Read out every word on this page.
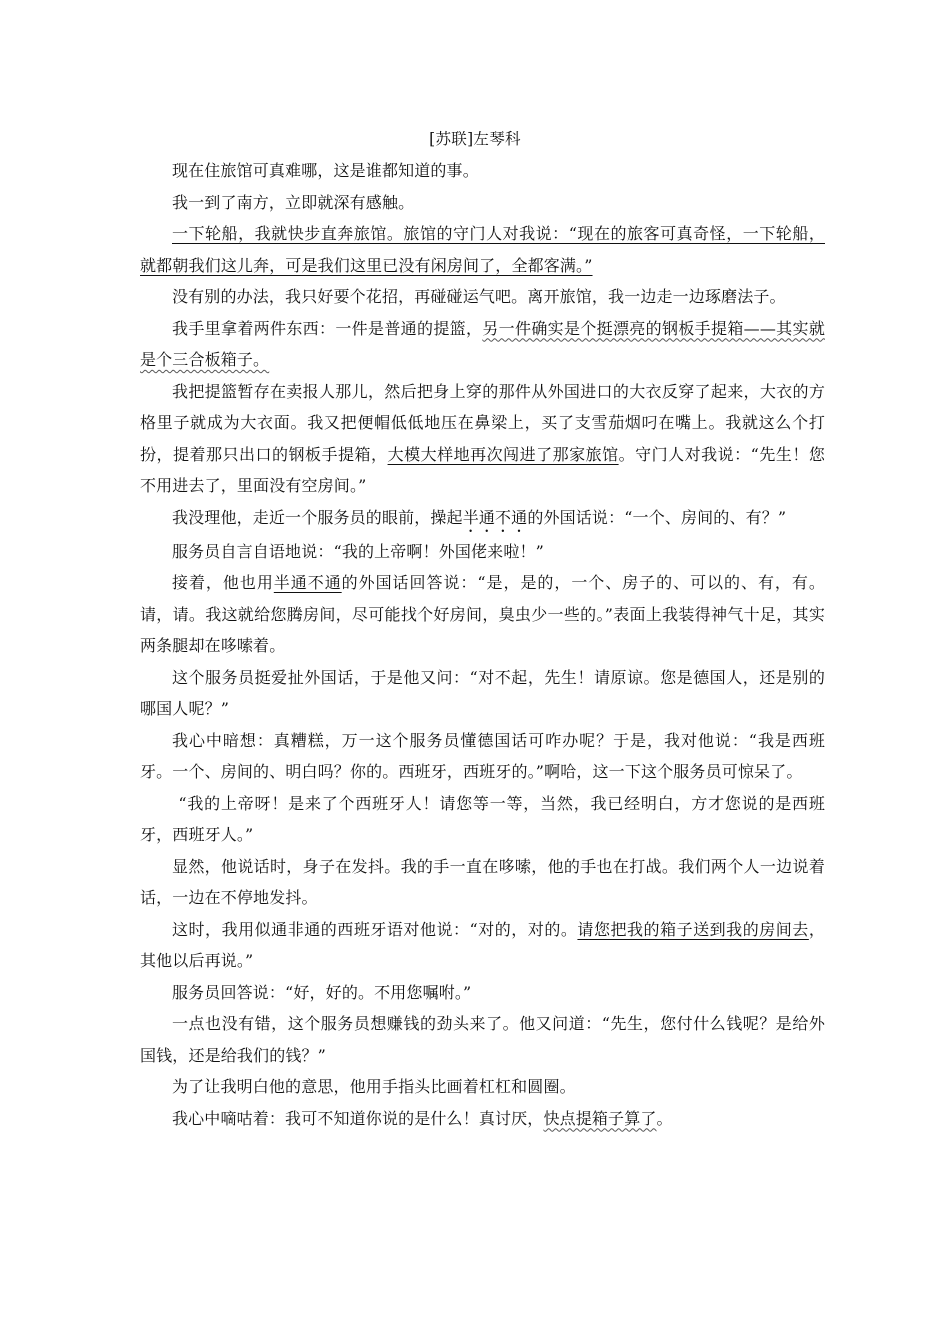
[苏联]左琴科

现在住旅馆可真难哪，这是谁都知道的事。

我一到了南方，立即就深有感触。

一下轮船，我就快步直奔旅馆。旅馆的守门人对我说：“现在的旅客可真奇怪，一下轮船，就都朝我们这儿奔，可是我们这里已没有闲房间了，全都客满。”

没有别的办法，我只好要个花招，再碰碰运气吧。离开旅馆，我一边走一边琢磨法子。

我手里拿着两件东西：一件是普通的提篮，另一件确实是个挺漂亮的钢板手提箱——其实就是个三合板箱子。

我把提篮暂存在卖报人那儿，然后把身上穿的那件从外国进口的大衣反穿了起来，大衣的方格里子就成为大衣面。我又把便帽低低地压在鼻梁上，买了支雪茄烟叼在嘴上。我就这么个打扮，提着那只出口的钢板手提箱，大模大样地再次闯进了那家旅馆。守门人对我说：“先生！您不用进去了，里面没有空房间。”

我没理他，走近一个服务员的眼前，操起半通不通的外国话说：“一个、房间的、有？”

服务员自言自语地说：“我的上帝啊！外国佬来啦！”

接着，他也用半通不通的外国话回答说：“是，是的，一个、房子的、可以的、有，有。请，请。我这就给您腾房间，尽可能找个好房间，臭虫少一些的。”表面上我装得神气十足，其实两条腿却在哆嗦着。

这个服务员挺爱扯外国话，于是他又问：“对不起，先生！请原谅。您是德国人，还是别的哪国人呢？”

我心中暗想：真糟糕，万一这个服务员懂德国话可咋办呢？于是，我对他说：“我是西班牙。一个、房间的、明白吗？你的。西班牙，西班牙的。”啊哈，这一下这个服务员可惊呆了。

“我的上帝呀！是来了个西班牙人！请您等一等，当然，我已经明白，方才您说的是西班牙，西班牙人。”

显然，他说话时，身子在发抖。我的手一直在哆嗦，他的手也在打战。我们两个人一边说着话，一边在不停地发抖。

这时，我用似通非通的西班牙语对他说：“对的，对的。请您把我的箱子送到我的房间去，其他以后再说。”

服务员回答说：“好，好的。不用您嘱咐。”

一点也没有错，这个服务员想赚钱的劲头来了。他又问道：“先生，您付什么钱呢？是给外国钱，还是给我们的钱？”

为了让我明白他的意思，他用手指头比画着杠杠和圆圈。

我心中嘀咕着：我可不知道你说的是什么！真讨厌，快点提箱子算了。
